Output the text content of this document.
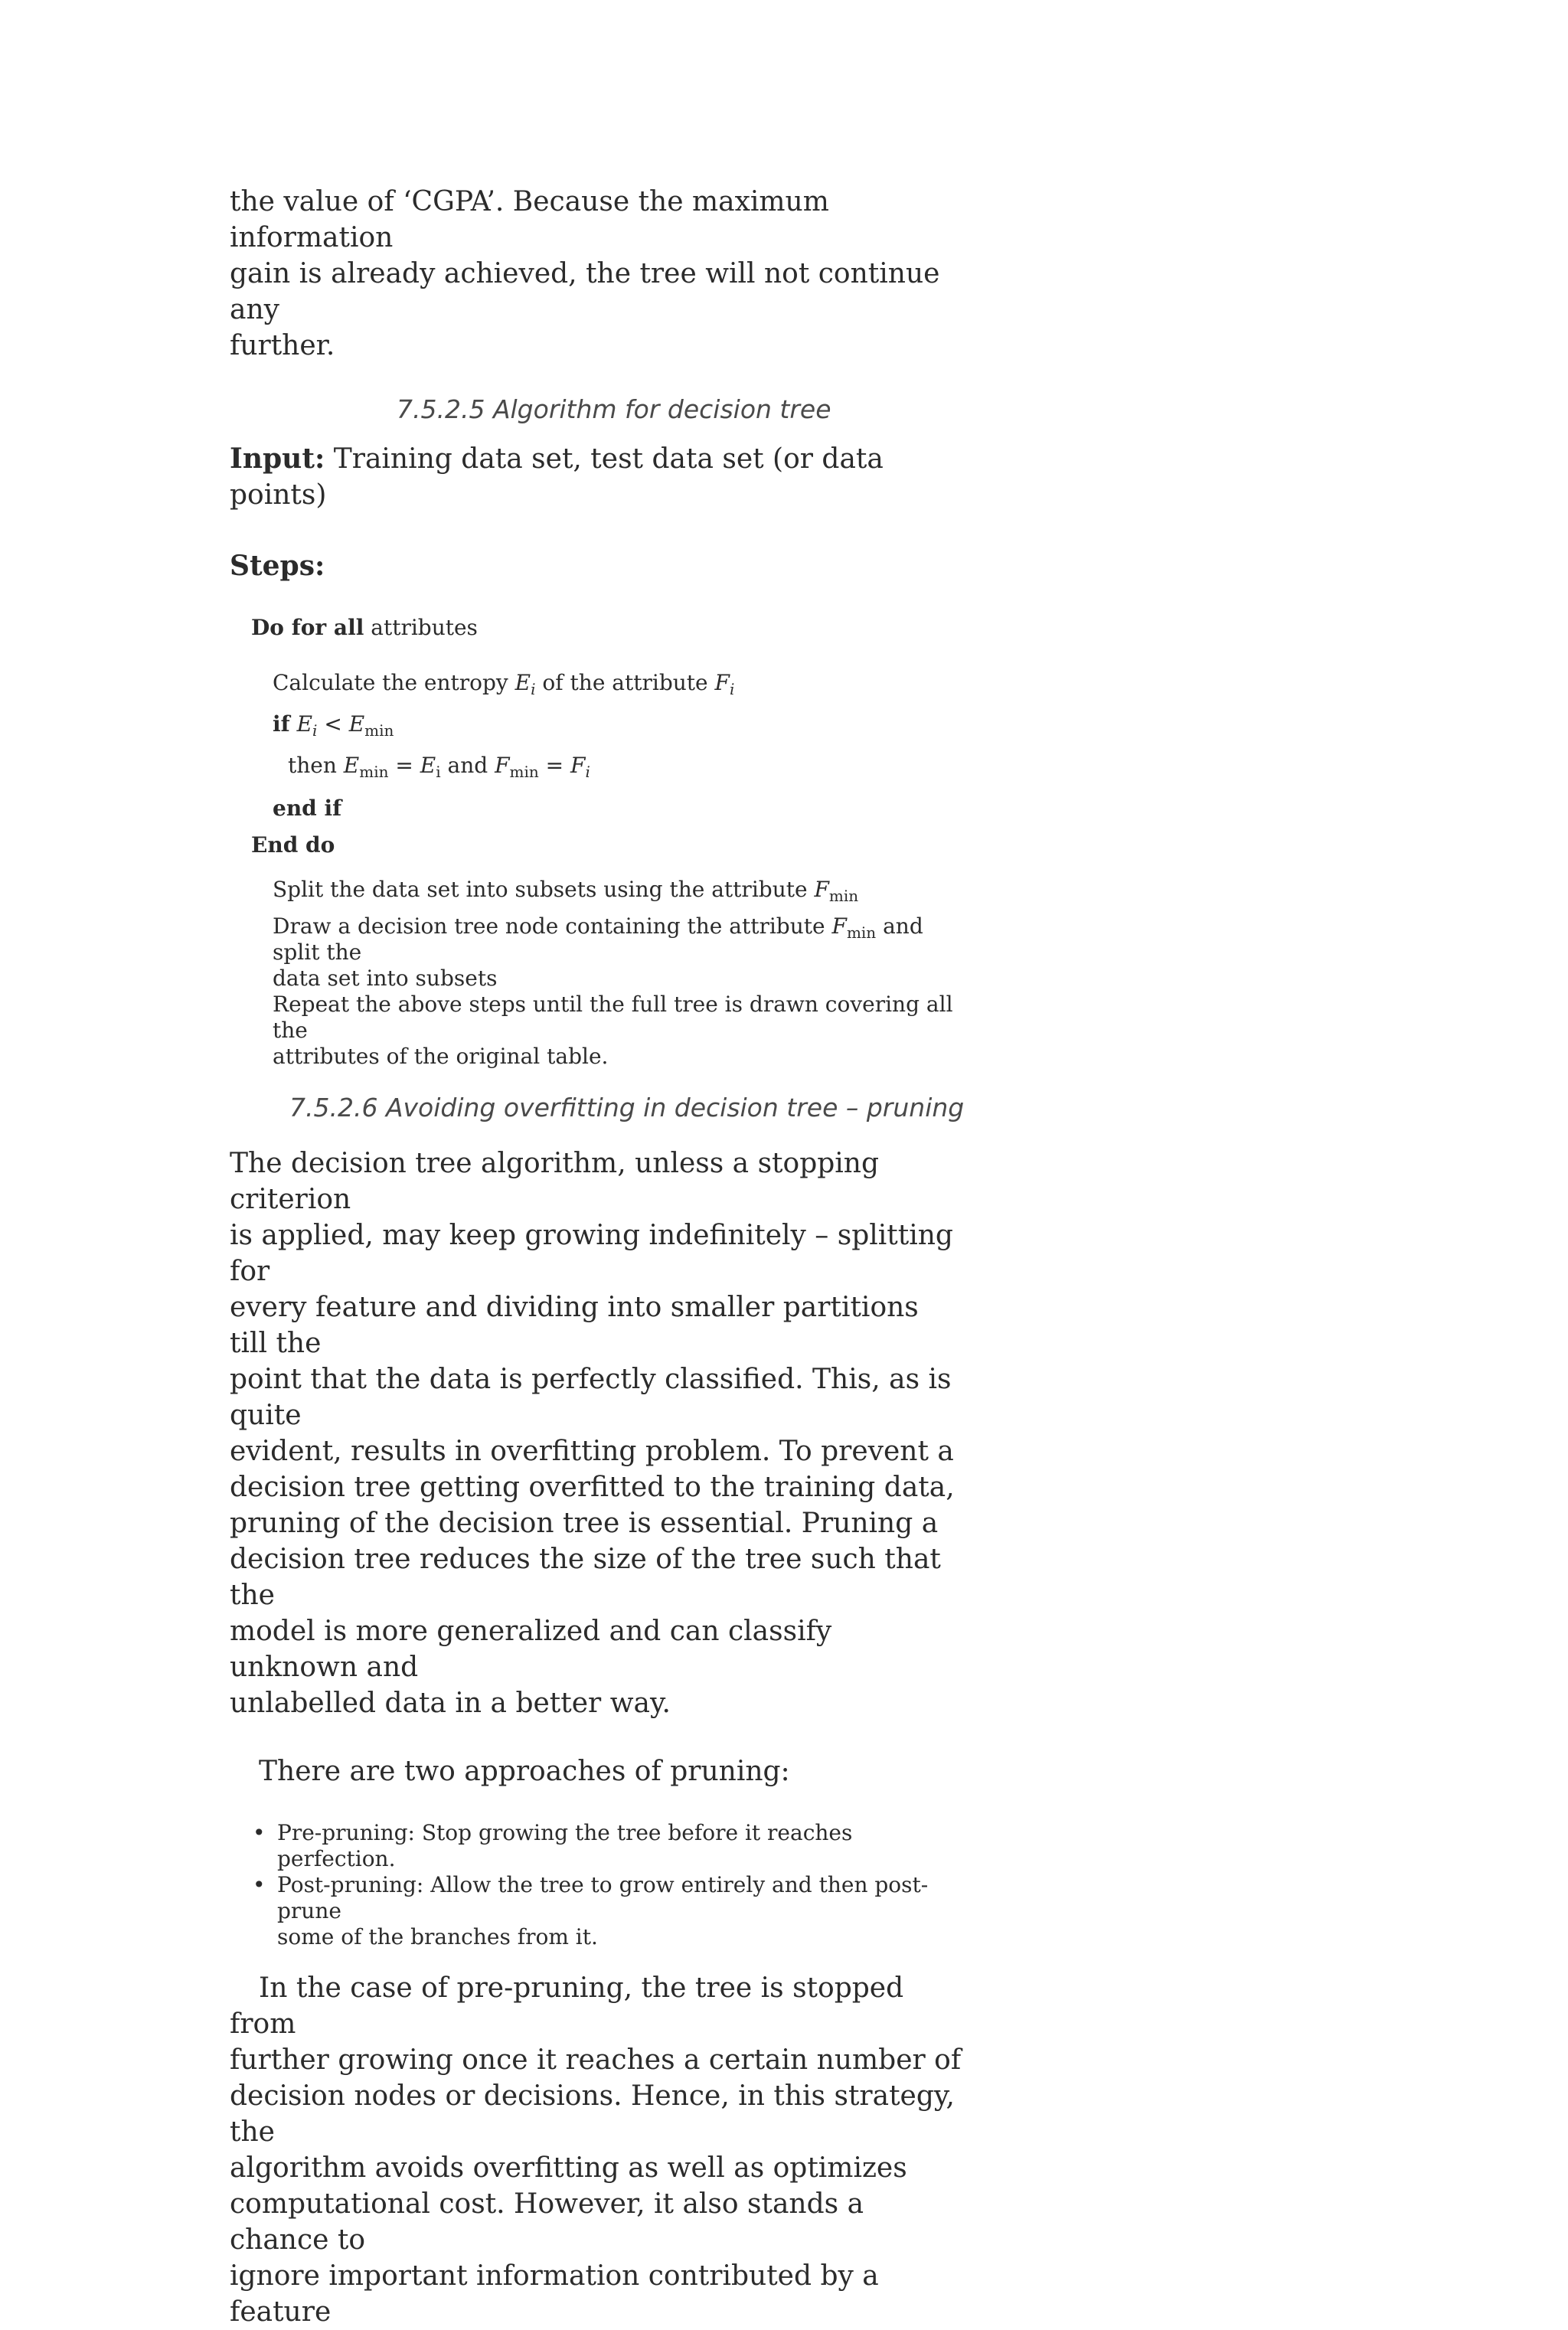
the value of ‘CGPA’. Because the maximum information
gain is already achieved, the tree will not continue any
further.

7.5.2.5 Algorithm for decision tree

Input: Training data set, test data set (or data points)

Steps:

Do for all attributes

Calculate the entropy $E_i$ of the attribute $F_i$

if $E_i < E_{min}$

then $E_{min} = E_i$ and $F_{min} = F_i$

end if

End do

Split the data set into subsets using the attribute $F_{min}$

Draw a decision tree node containing the attribute $F_{min}$ and split the
data set into subsets
Repeat the above steps until the full tree is drawn covering all the
attributes of the original table.

7.5.2.6 Avoiding overfitting in decision tree – pruning

The decision tree algorithm, unless a stopping criterion
is applied, may keep growing indefinitely – splitting for
every feature and dividing into smaller partitions till the
point that the data is perfectly classified. This, as is quite
evident, results in overfitting problem. To prevent a
decision tree getting overfitted to the training data,
pruning of the decision tree is essential. Pruning a
decision tree reduces the size of the tree such that the
model is more generalized and can classify unknown and
unlabelled data in a better way.

There are two approaches of pruning:

• Pre-pruning: Stop growing the tree before it reaches perfection.
• Post-pruning: Allow the tree to grow entirely and then post-prune
some of the branches from it.

In the case of pre-pruning, the tree is stopped from
further growing once it reaches a certain number of
decision nodes or decisions. Hence, in this strategy, the
algorithm avoids overfitting as well as optimizes
computational cost. However, it also stands a chance to
ignore important information contributed by a feature
